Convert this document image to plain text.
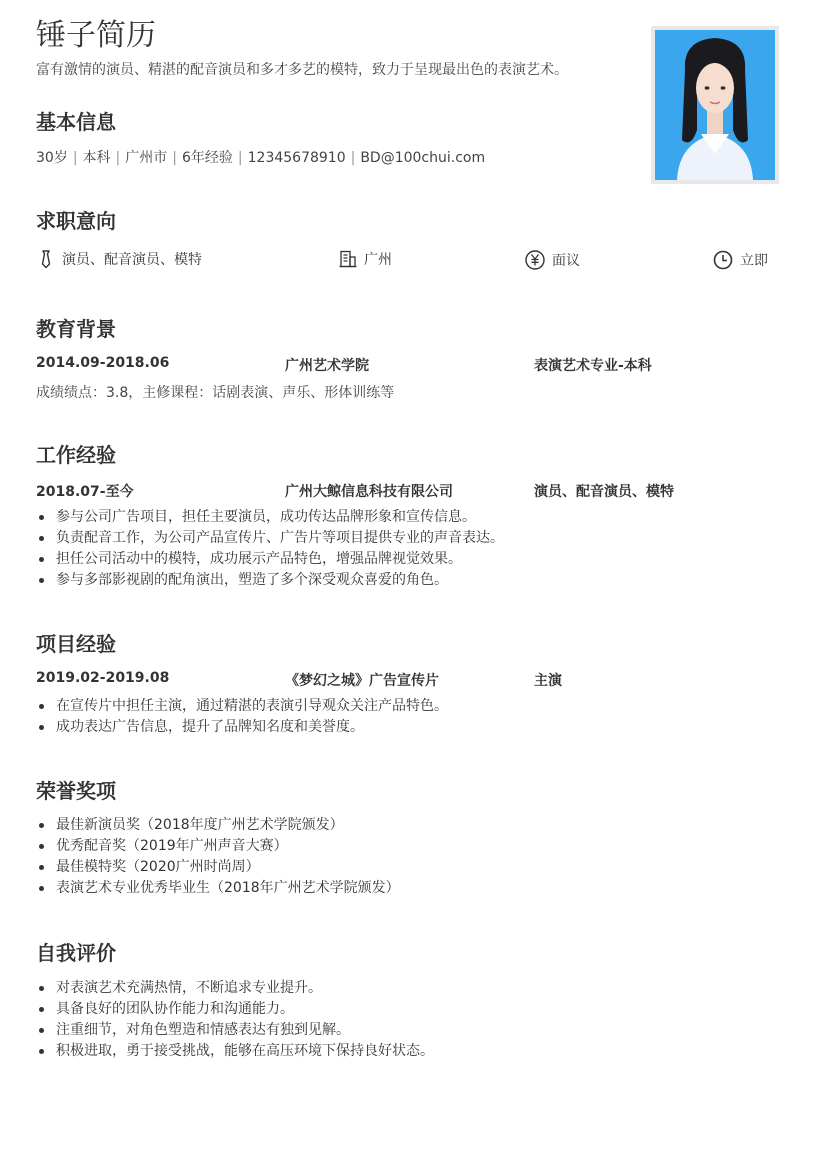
锤子简历
富有激情的演员、精湛的配音演员和多才多艺的模特，致力于呈现最出色的表演艺术。
基本信息
30岁 | 本科 | 广州市 | 6年经验 | 12345678910 | BD@100chui.com
求职意向
演员、配音演员、模特	广州	面议	立即
教育背景
2014.09-2018.06	广州艺术学院	表演艺术专业-本科
成绩绩点：3.8，主修课程：话剧表演、声乐、形体训练等
工作经验
2018.07-至今	广州大鲸信息科技有限公司	演员、配音演员、模特
参与公司广告项目，担任主要演员，成功传达品牌形象和宣传信息。
负责配音工作，为公司产品宣传片、广告片等项目提供专业的声音表达。
担任公司活动中的模特，成功展示产品特色，增强品牌视觉效果。
参与多部影视剧的配角演出，塑造了多个深受观众喜爱的角色。
项目经验
2019.02-2019.08	《梦幻之城》广告宣传片	主演
在宣传片中担任主演，通过精湛的表演引导观众关注产品特色。
成功表达广告信息，提升了品牌知名度和美誉度。
荣誉奖项
最佳新演员奖（2018年度广州艺术学院颁发）
优秀配音奖（2019年广州声音大赛）
最佳模特奖（2020广州时尚周）
表演艺术专业优秀毕业生（2018年广州艺术学院颁发）
自我评价
对表演艺术充满热情，不断追求专业提升。
具备良好的团队协作能力和沟通能力。
注重细节，对角色塑造和情感表达有独到见解。
积极进取，勇于接受挑战，能够在高压环境下保持良好状态。
